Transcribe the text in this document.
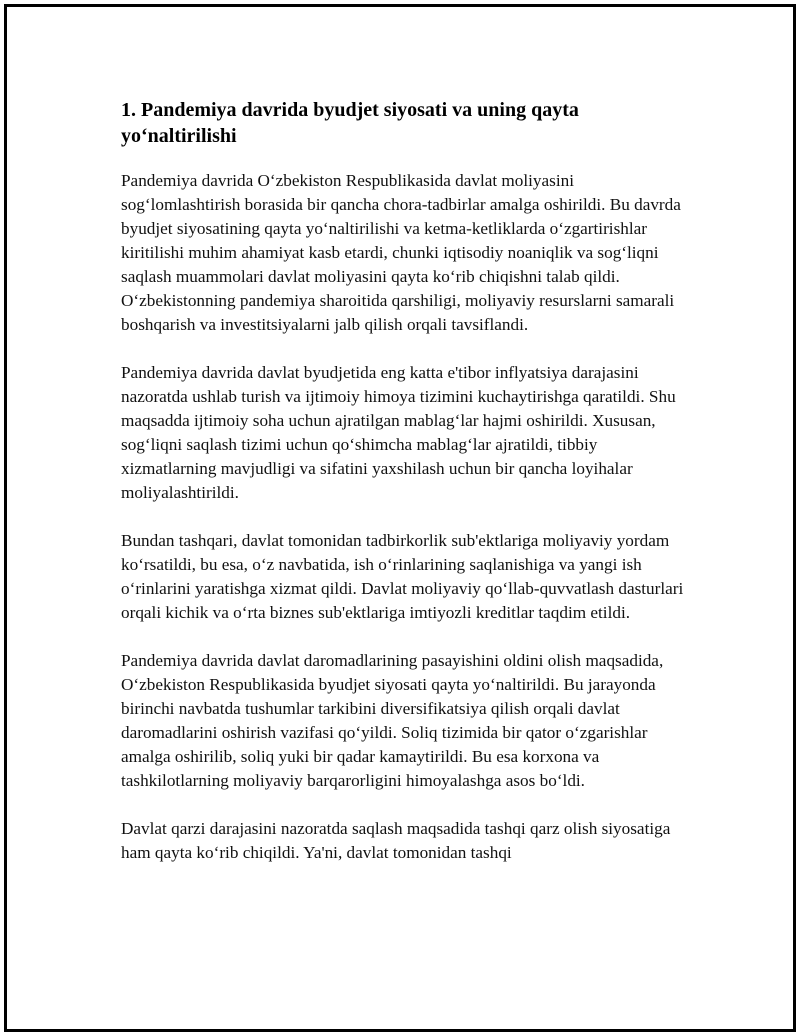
1. Pandemiya davrida byudjet siyosati va uning qayta yo‘naltirilishi

Pandemiya davrida O‘zbekiston Respublikasida davlat moliyasini sog‘lomlashtirish borasida bir qancha chora-tadbirlar amalga oshirildi. Bu davrda byudjet siyosatining qayta yo‘naltirilishi va ketma-ketliklarda o‘zgartirishlar kiritilishi muhim ahamiyat kasb etardi, chunki iqtisodiy noaniqlik va sog‘liqni saqlash muammolari davlat moliyasini qayta ko‘rib chiqishni talab qildi. O‘zbekistonning pandemiya sharoitida qarshiligi, moliyaviy resurslarni samarali boshqarish va investitsiyalarni jalb qilish orqali tavsiflandi.

Pandemiya davrida davlat byudjetida eng katta e'tibor inflyatsiya darajasini nazoratda ushlab turish va ijtimoiy himoya tizimini kuchaytirishga qaratildi. Shu maqsadda ijtimoiy soha uchun ajratilgan mablag‘lar hajmi oshirildi. Xususan, sog‘liqni saqlash tizimi uchun qo‘shimcha mablag‘lar ajratildi, tibbiy xizmatlarning mavjudligi va sifatini yaxshilash uchun bir qancha loyihalar moliyalashtirildi.

Bundan tashqari, davlat tomonidan tadbirkorlik sub'ektlariga moliyaviy yordam ko‘rsatildi, bu esa, o‘z navbatida, ish o‘rinlarining saqlanishiga va yangi ish o‘rinlarini yaratishga xizmat qildi. Davlat moliyaviy qo‘llab-quvvatlash dasturlari orqali kichik va o‘rta biznes sub'ektlariga imtiyozli kreditlar taqdim etildi.

Pandemiya davrida davlat daromadlarining pasayishini oldini olish maqsadida, O‘zbekiston Respublikasida byudjet siyosati qayta yo‘naltirildi. Bu jarayonda birinchi navbatda tushumlar tarkibini diversifikatsiya qilish orqali davlat daromadlarini oshirish vazifasi qo‘yildi. Soliq tizimida bir qator o‘zgarishlar amalga oshirilib, soliq yuki bir qadar kamaytirildi. Bu esa korxona va tashkilotlarning moliyaviy barqarorligini himoyalashga asos bo‘ldi.

Davlat qarzi darajasini nazoratda saqlash maqsadida tashqi qarz olish siyosatiga ham qayta ko‘rib chiqildi. Ya'ni, davlat tomonidan tashqi
